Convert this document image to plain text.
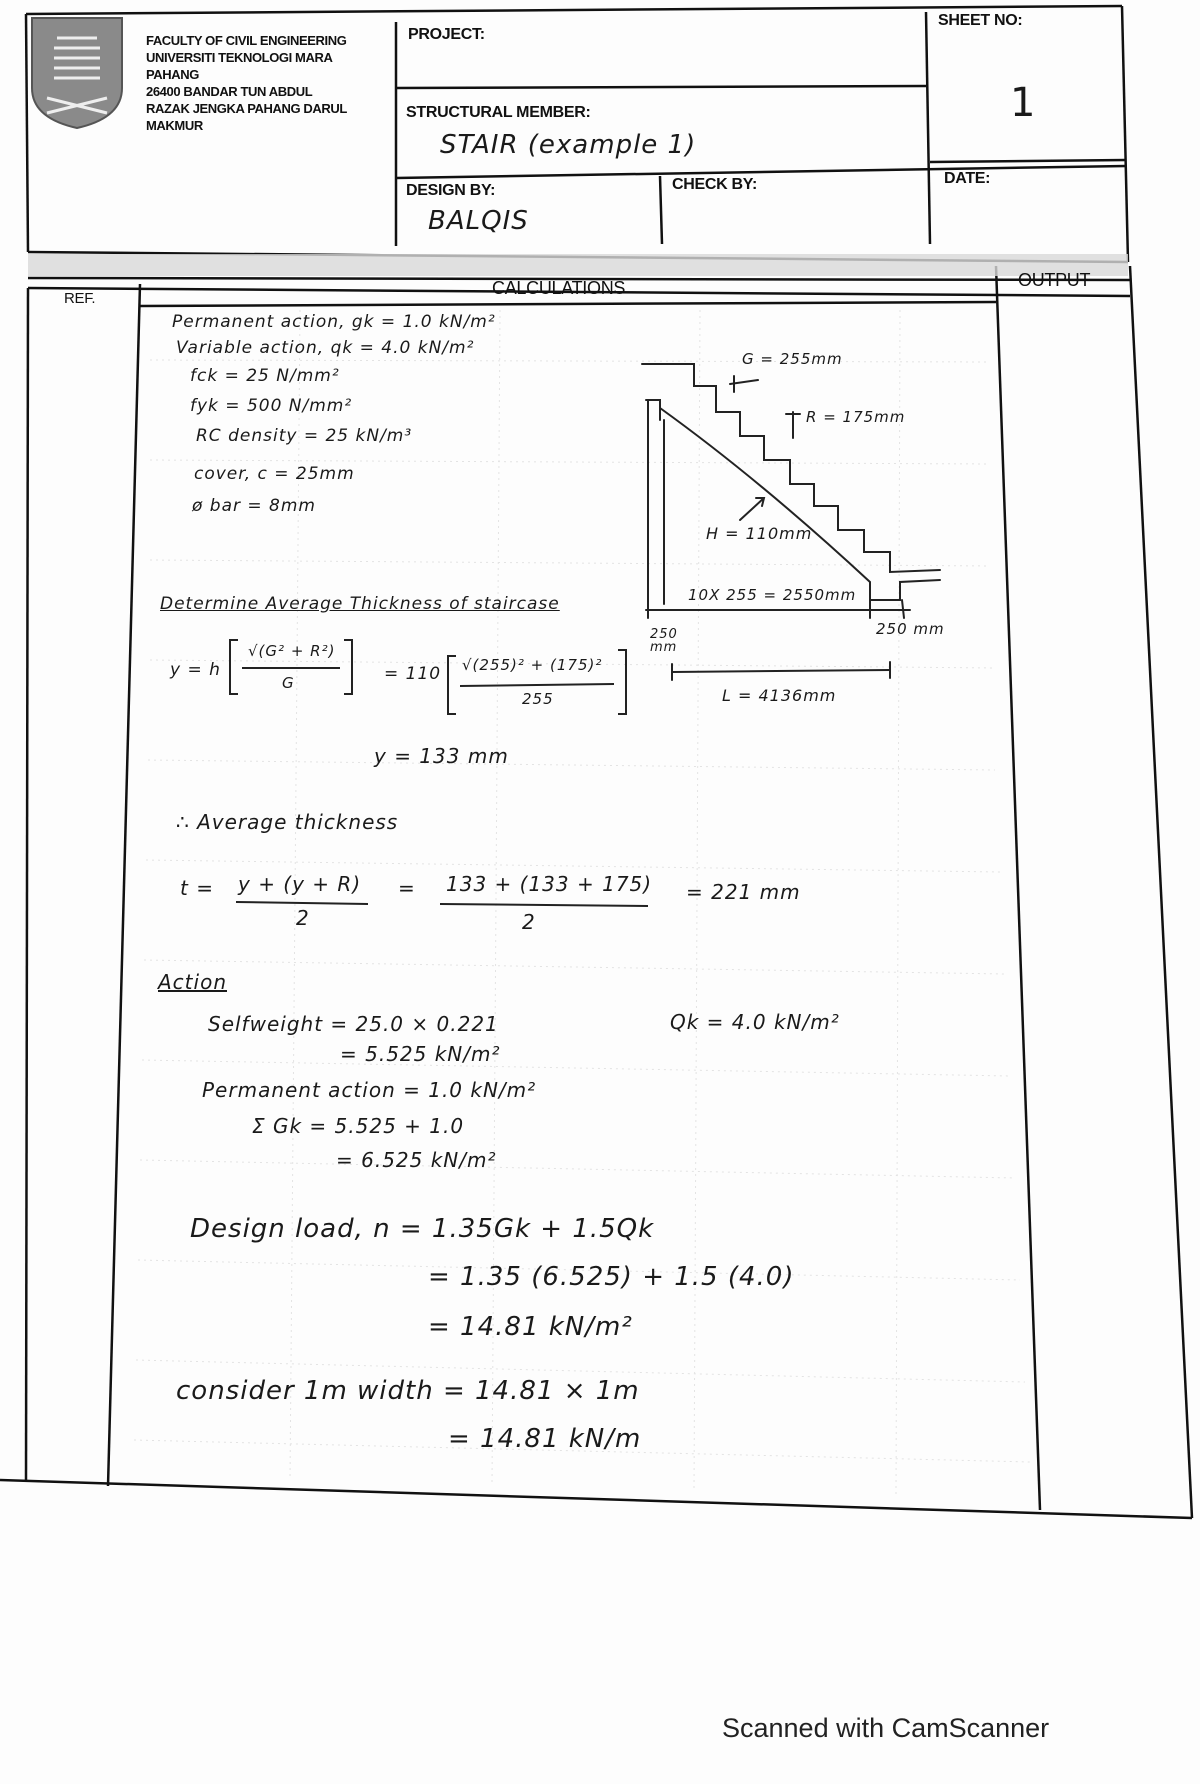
FACULTY OF CIVIL ENGINEERING
UNIVERSITI TEKNOLOGI MARA
PAHANG
26400 BANDAR TUN ABDUL
RAZAK JENGKA PAHANG DARUL
MAKMUR
PROJECT:
SHEET NO:
1
STRUCTURAL MEMBER:
STAIR (example 1)
DESIGN BY:
BALQIS
CHECK BY:	DATE:
REF.
CALCULATIONS	OUTPUT
Permanent action, gk = 1.0 kN/m²
Variable action, qk = 4.0 kN/m²
fck = 25 N/mm²
fyk = 500 N/mm²
RC density = 25 kN/m³
cover, c = 25mm
ø bar = 8mm
G = 255mm
R = 175mm
H = 110mm
10X 255 = 2550mm
250 mm
250 mm
L = 4136mm
Determine Average Thickness of staircase
y = h
√(G² + R²)
G	= 110 √(255)² + (175)²
255
y = 133 mm
∴ Average thickness
t = y + (y + R)
2
= 133 + (133 + 175)
2
= 221 mm
Action
Selfweight = 25.0 × 0.221
= 5.525 kN/m²
Qk = 4.0 kN/m²
Permanent action = 1.0 kN/m²
Σ Gk = 5.525 + 1.0
= 6.525 kN/m²
Design load, n = 1.35Gk + 1.5Qk
= 1.35 (6.525) + 1.5 (4.0)
= 14.81 kN/m²
consider 1m width = 14.81 × 1m
= 14.81 kN/m
Scanned with CamScanner
